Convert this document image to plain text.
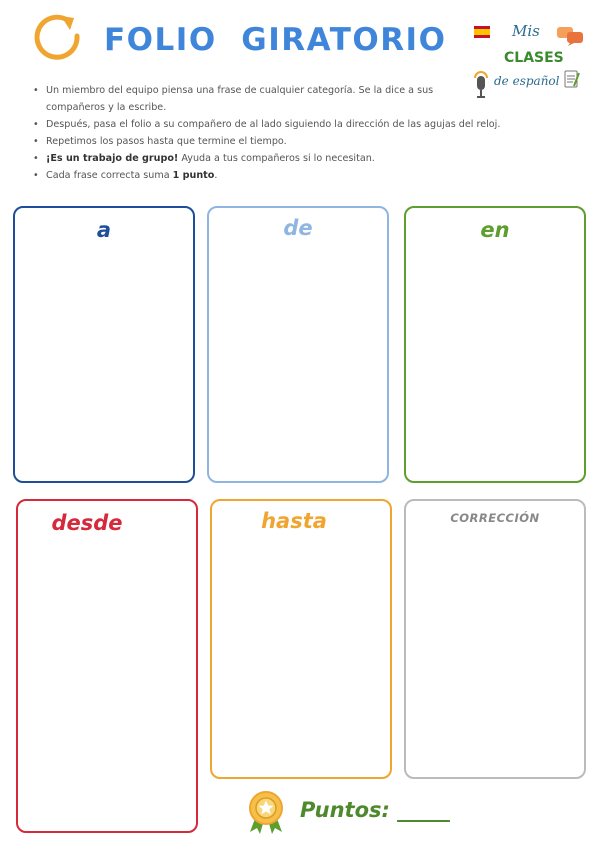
FOLIO  GIRATORIO	Mis
CLASES
de español
• Un miembro del equipo piensa una frase de cualquier categoría. Se la dice a sus compañeros y la escribe.
• Después, pasa el folio a su compañero de al lado siguiendo la dirección de las agujas del reloj.
• Repetimos los pasos hasta que termine el tiempo.
• ¡Es un trabajo de grupo! Ayuda a tus compañeros si lo necesitan.
• Cada frase correcta suma 1 punto.
a	de	en
desde	hasta	CORRECCIÓN
Puntos: _____
